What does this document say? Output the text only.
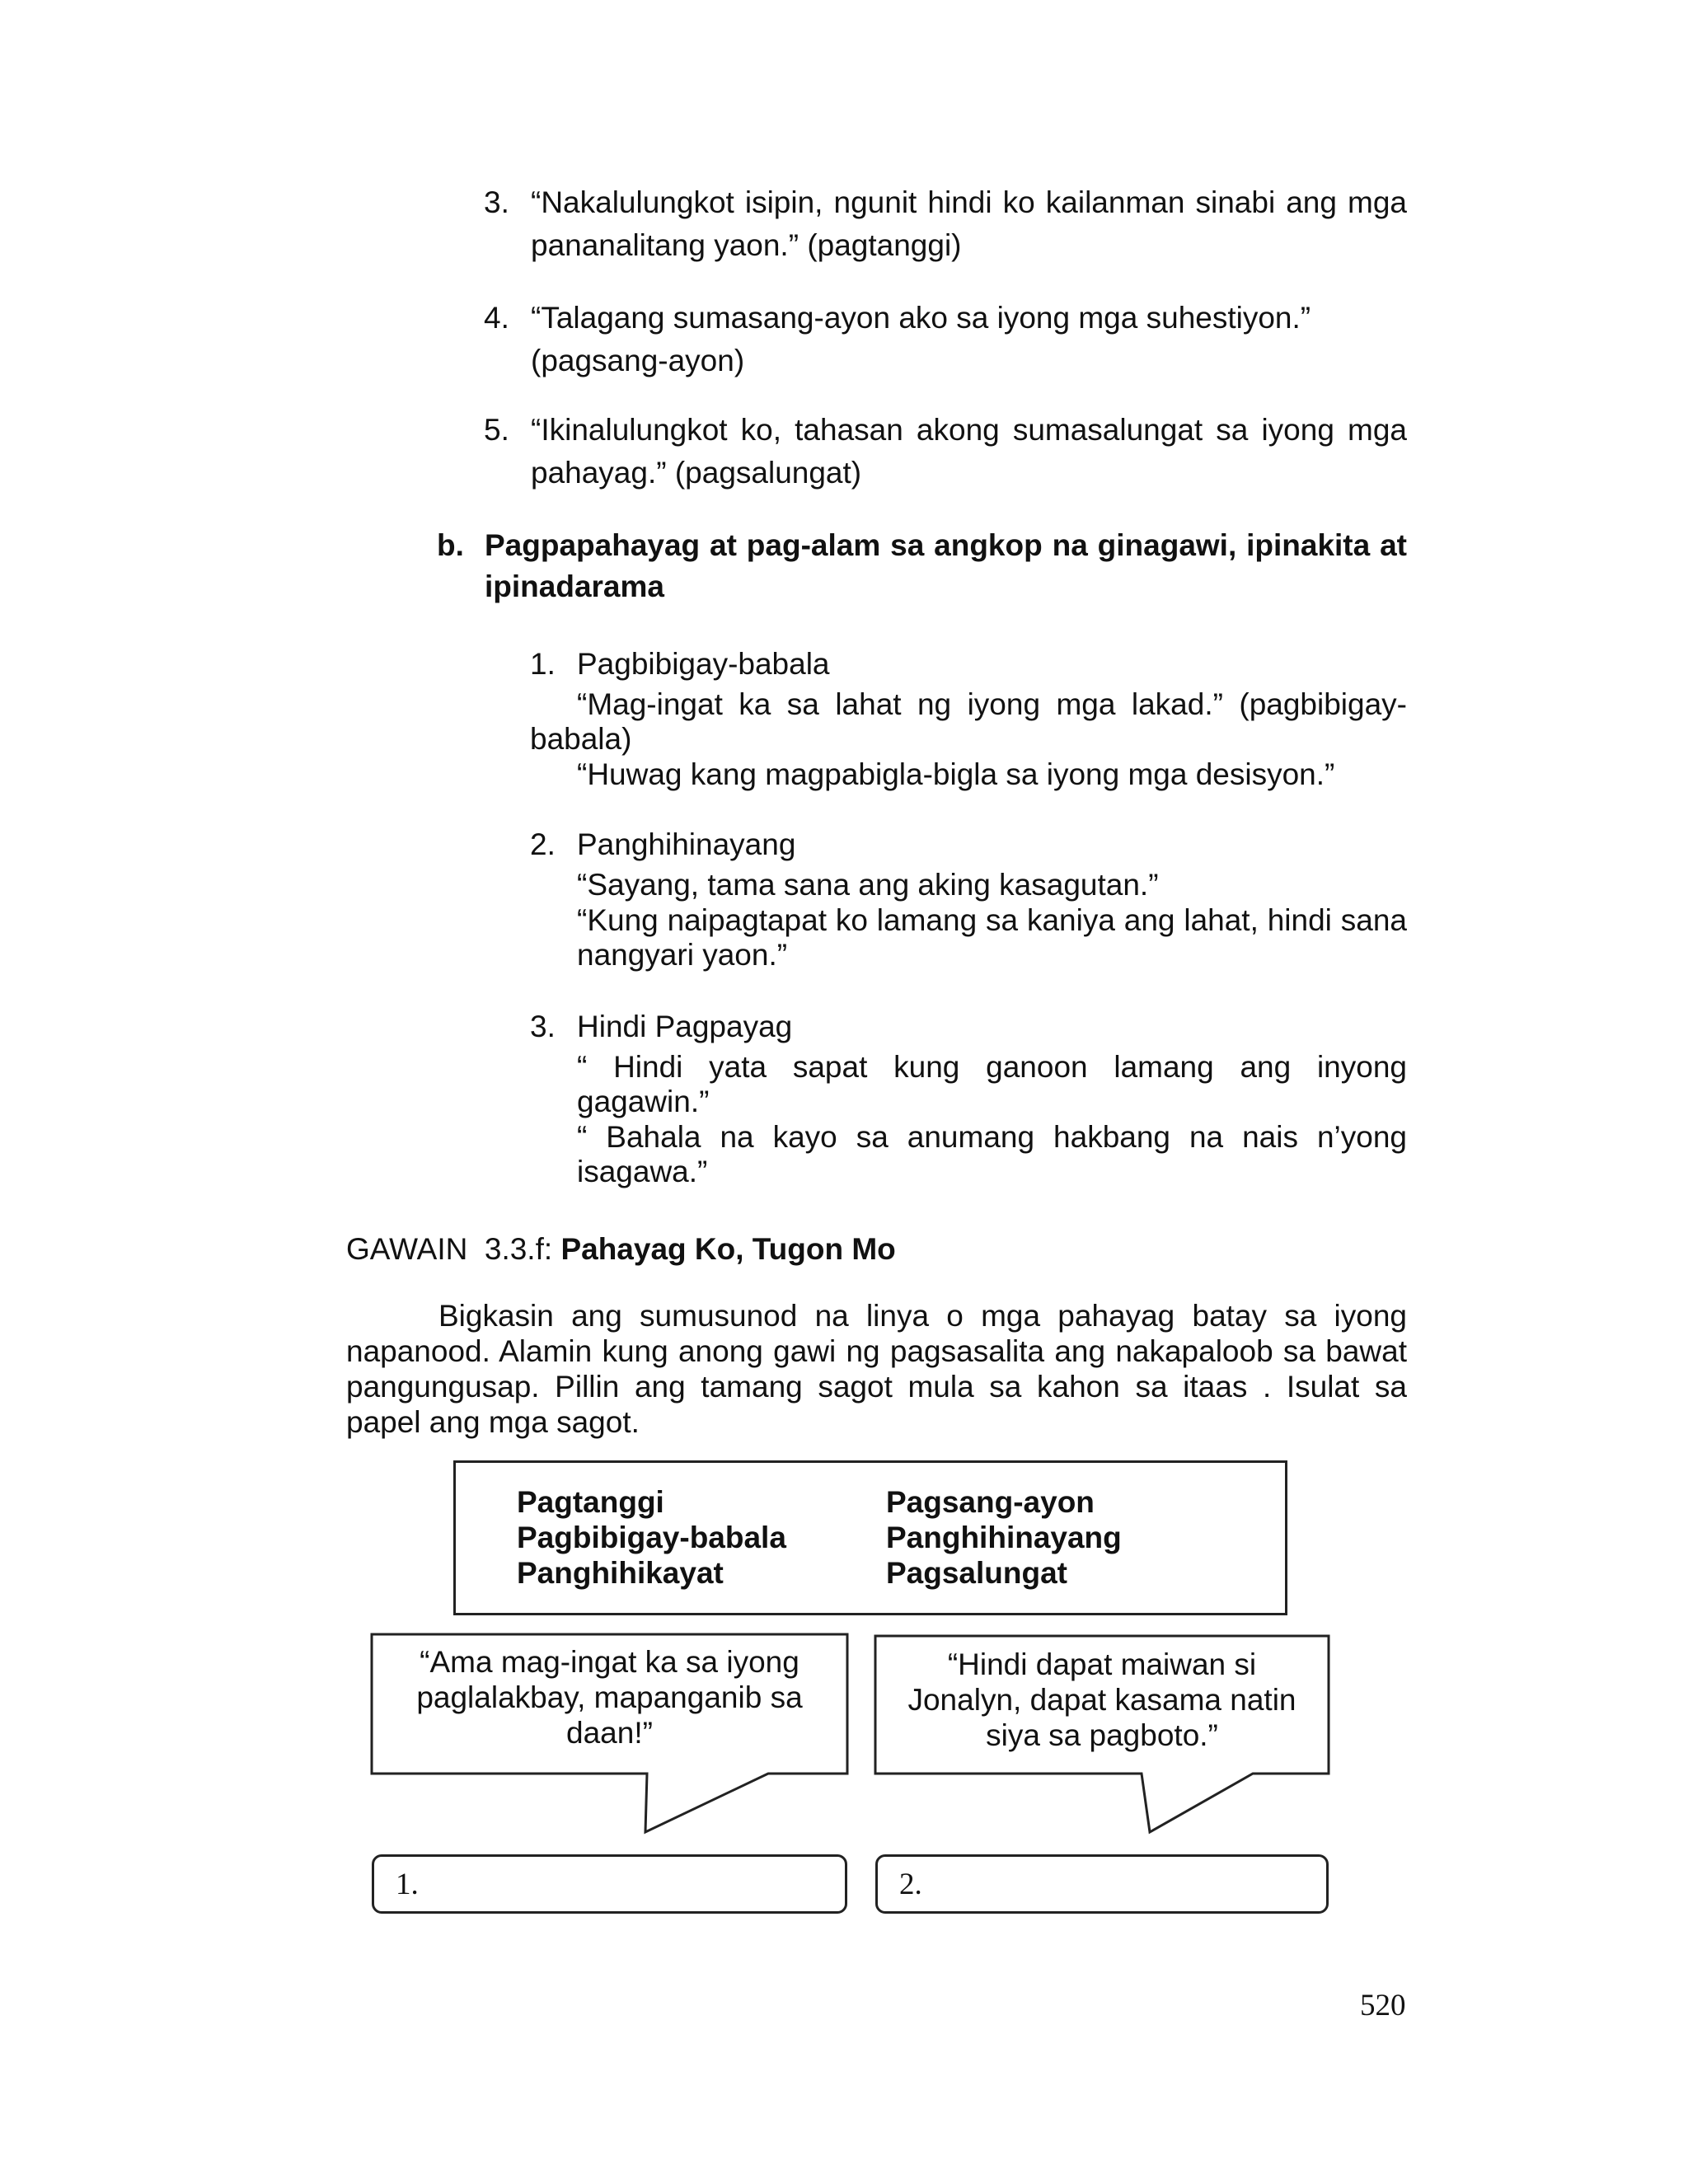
3. “Nakalulungkot isipin, ngunit hindi ko kailanman sinabi ang mga
pananalitang yaon.” (pagtanggi)
4. “Talagang sumasang-ayon ako sa iyong mga suhestiyon.”
(pagsang-ayon)
5. “Ikinalulungkot ko, tahasan akong sumasalungat sa iyong mga
pahayag.” (pagsalungat)
b. Pagpapahayag at pag-alam sa angkop na ginagawi, ipinakita at
ipinadarama
1. Pagbibigay-babala
“Mag-ingat ka sa lahat ng iyong mga lakad.” (pagbibigay-
babala)
“Huwag kang magpabigla-bigla sa iyong mga desisyon.”
2. Panghihinayang
“Sayang, tama sana ang aking kasagutan.”
“Kung naipagtapat ko lamang sa kaniya ang lahat, hindi sana
nangyari yaon.”
3. Hindi Pagpayag
“ Hindi yata sapat kung ganoon lamang ang inyong
gagawin.”
“ Bahala na kayo sa anumang hakbang na nais n’yong
isagawa.”
GAWAIN  3.3.f: Pahayag Ko, Tugon Mo
Bigkasin ang sumusunod na linya o mga pahayag batay sa iyong
napanood. Alamin kung anong gawi ng pagsasalita ang nakapaloob sa bawat
pangungusap. Pillin ang tamang sagot mula sa kahon sa itaas . Isulat sa
papel ang mga sagot.
Pagtanggi
Pagbibigay-babala
Panghihikayat
Pagsang-ayon
Panghihinayang
Pagsalungat
“Ama mag-ingat ka sa iyong
paglalakbay, mapanganib sa
daan!”
“Hindi dapat maiwan si
Jonalyn, dapat kasama natin
siya sa pagboto.”
1.	2.
520
